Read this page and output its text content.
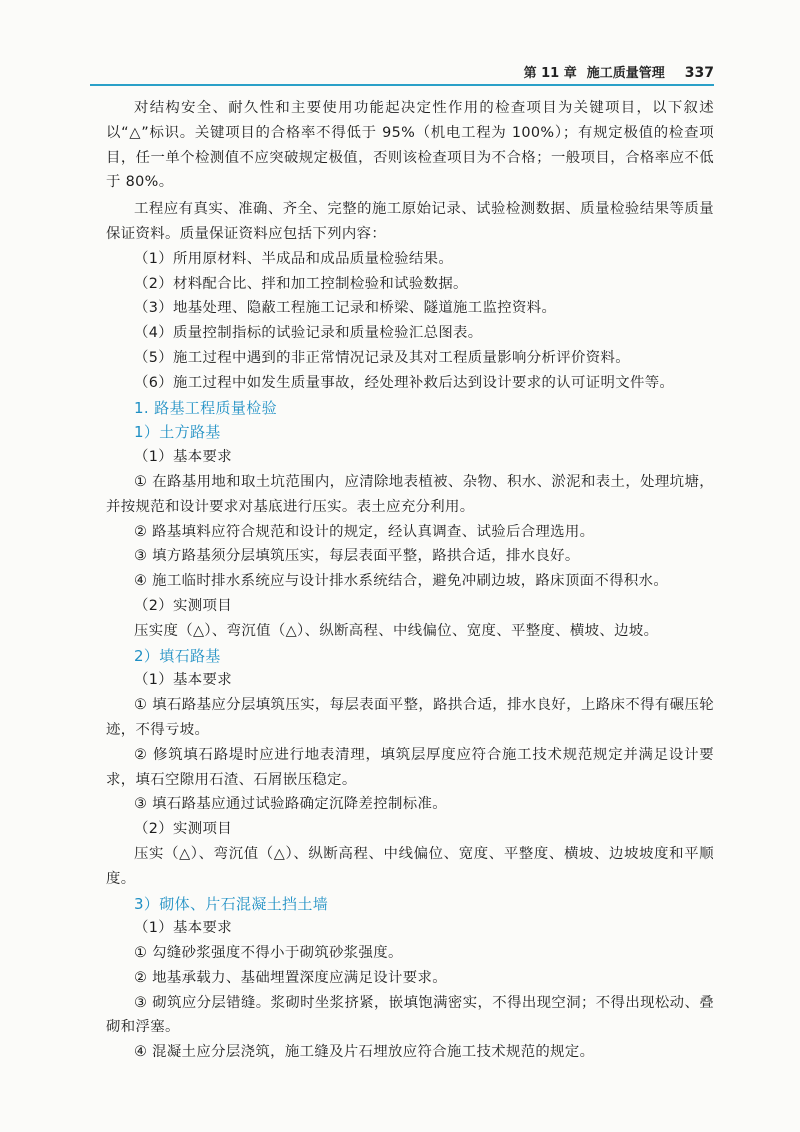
第 11 章 施工质量管理 337

对结构安全、耐久性和主要使用功能起决定性作用的检查项目为关键项目，以下叙述以“△”标识。关键项目的合格率不得低于 95%（机电工程为 100%）；有规定极值的检查项目，任一单个检测值不应突破规定极值，否则该检查项目为不合格；一般项目，合格率应不低于 80%。

工程应有真实、准确、齐全、完整的施工原始记录、试验检测数据、质量检验结果等质量保证资料。质量保证资料应包括下列内容：

（1）所用原材料、半成品和成品质量检验结果。

（2）材料配合比、拌和加工控制检验和试验数据。

（3）地基处理、隐蔽工程施工记录和桥梁、隧道施工监控资料。

（4）质量控制指标的试验记录和质量检验汇总图表。

（5）施工过程中遇到的非正常情况记录及其对工程质量影响分析评价资料。

（6）施工过程中如发生质量事故，经处理补救后达到设计要求的认可证明文件等。

1. 路基工程质量检验

1）土方路基

（1）基本要求

① 在路基用地和取土坑范围内，应清除地表植被、杂物、积水、淤泥和表土，处理坑塘，并按规范和设计要求对基底进行压实。表土应充分利用。

② 路基填料应符合规范和设计的规定，经认真调查、试验后合理选用。

③ 填方路基须分层填筑压实，每层表面平整，路拱合适，排水良好。

④ 施工临时排水系统应与设计排水系统结合，避免冲刷边坡，路床顶面不得积水。

（2）实测项目

压实度（△）、弯沉值（△）、纵断高程、中线偏位、宽度、平整度、横坡、边坡。

2）填石路基

（1）基本要求

① 填石路基应分层填筑压实，每层表面平整，路拱合适，排水良好，上路床不得有碾压轮迹，不得亏坡。

② 修筑填石路堤时应进行地表清理，填筑层厚度应符合施工技术规范规定并满足设计要求，填石空隙用石渣、石屑嵌压稳定。

③ 填石路基应通过试验路确定沉降差控制标准。

（2）实测项目

压实（△）、弯沉值（△）、纵断高程、中线偏位、宽度、平整度、横坡、边坡坡度和平顺度。

3）砌体、片石混凝土挡土墙

（1）基本要求

① 勾缝砂浆强度不得小于砌筑砂浆强度。

② 地基承载力、基础埋置深度应满足设计要求。

③ 砌筑应分层错缝。浆砌时坐浆挤紧，嵌填饱满密实，不得出现空洞；不得出现松动、叠砌和浮塞。

④ 混凝土应分层浇筑，施工缝及片石埋放应符合施工技术规范的规定。
